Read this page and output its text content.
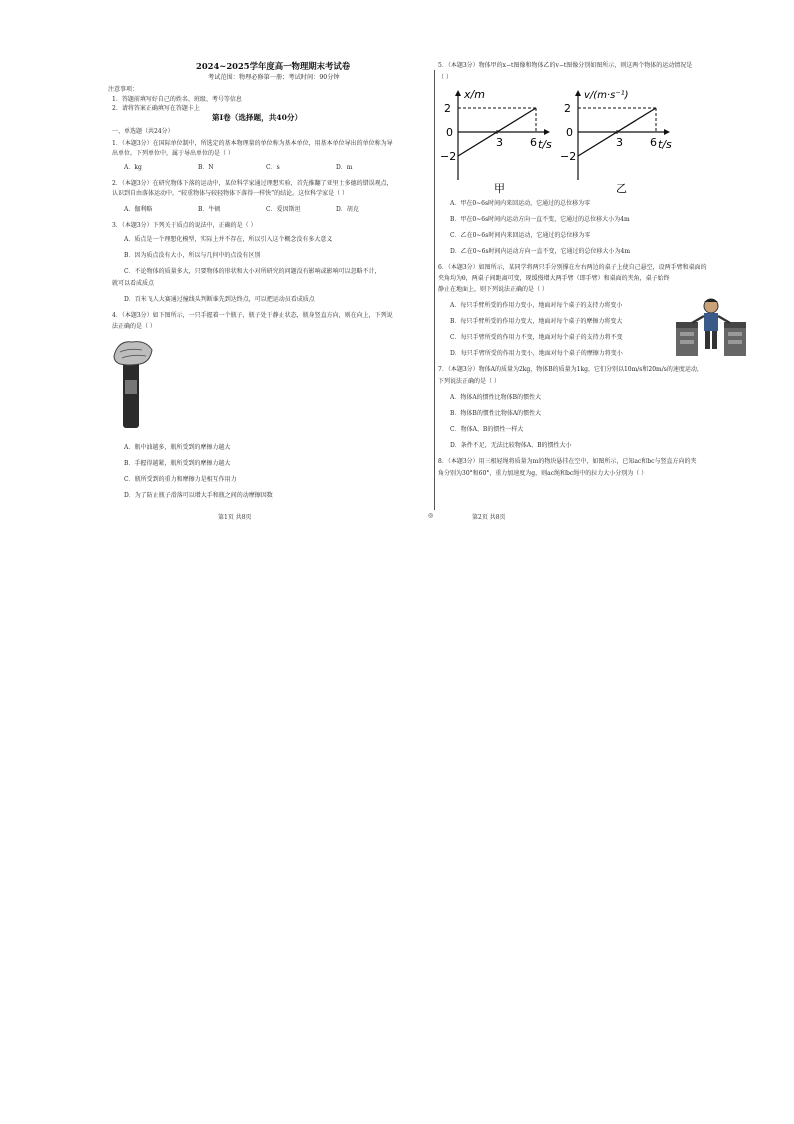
2024~2025学年度高一物理期末考试卷
考试范围：物理必修第一册；考试时间：90分钟
注意事项：
1．答题前填写好自己的姓名、班级、考号等信息
2．请将答案正确填写在答题卡上
第Ⅰ卷（选择题，共40分）
一、单选题（共24分）
1．（本题3分）在国际单位制中，所选定的基本物理量的单位称为基本单位，用基本单位导出的单位称为导
出单位。下列单位中，属于导出单位的是（ ）
A．kg	B．N	C．s	D．m
2．（本题3分）在研究物体下落的运动中，某位科学家通过理想实验，首先推翻了亚里士多德的错误观点，
认识到自由落体运动中，“较重物体与较轻物体下落得一样快”的结论。这位科学家是（ ）
A．伽利略	B．牛顿	C．爱因斯坦	D．胡克
3．（本题3分）下列关于质点的说法中，正确的是（ ）
A．质点是一个理想化模型，实际上并不存在，所以引入这个概念没有多大意义
B．因为质点没有大小，所以与几何中的点没有区别
C．不论物体的质量多大，只要物体的形状和大小对所研究的问题没有影响或影响可以忽略不计，
就可以看成质点
D．百米飞人大赛通过撞线头判断谁先到达终点，可以把运动员看成质点
4．（本题3分）如下图所示，一只手握着一个瓶子，瓶子处于静止状态，瓶身竖直方向，则在向上，下列说
法正确的是（ ）
A．瓶中油越多，瓶所受到的摩擦力越大
B．手握得越紧，瓶所受到的摩擦力越大
C．瓶所受到的重力和摩擦力是相互作用力
D．为了防止瓶子滑落可以增大手和瓶之间的动摩擦因数
5．（本题3分）物体甲的x−t图像和物体乙的v−t图像分别如图所示，则这两个物体的运动情况是
（ ）
x/m
t/s
2
0
−2
3 6
甲
v/(m·s⁻¹)
t/s
2
0
−2
3 6
乙
A．甲在0~6s时间内来回运动，它通过的总位移为零
B．甲在0~6s时间内运动方向一直不变，它通过的总位移大小为4m
C．乙在0~6s时间内来回运动，它通过的总位移为零
D．乙在0~6s时间内运动方向一直不变，它通过的总位移大小为4m
6．（本题3分）如图所示，某同学将两只手分别撑在左右两边的桌子上使自己悬空，设两手臂和桌面的
夹角均为θ，两桌子间距离可变，现缓慢增大两手臂（即手臂）和桌面的夹角，桌子始终
静止在地面上，则下列说法正确的是（ ）
A．每只手臂所受的作用力变小，地面对每个桌子的支持力将变小
B．每只手臂所受的作用力变大，地面对每个桌子的摩擦力将变大
C．每只手臂所受的作用力不变，地面对每个桌子的支持力将不变
D．每只手臂所受的作用力变小，地面对每个桌子的摩擦力将变小
7．（本题3分）物体A的质量为2kg，物体B的质量为1kg，它们分别以10m/s和20m/s的速度运动，
下列说法正确的是（ ）
A．物体A的惯性比物体B的惯性大
B．物体B的惯性比物体A的惯性大
C．物体A、B的惯性一样大
D．条件不足，无法比较物体A、B的惯性大小
8．（本题3分）用三根轻绳将质量为m的物块悬挂在空中，如图所示，已知ac和bc与竖直方向的夹
角分别为30°和60°，重力加速度为g，则ac绳和bc绳中的拉力大小分别为（ ）
第1页 共8页	◎	第2页 共8页
